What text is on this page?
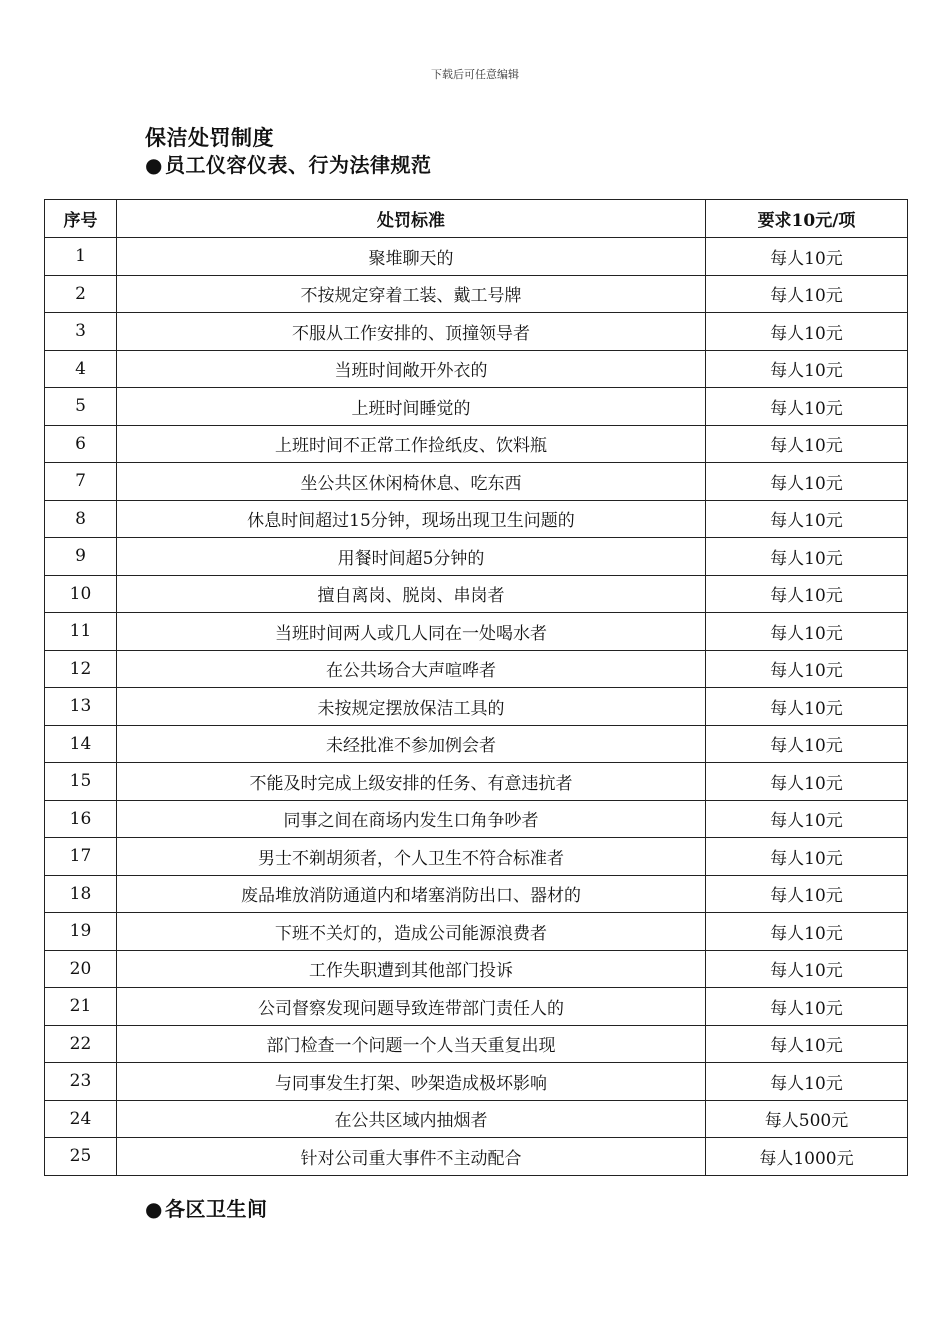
下载后可任意编辑
保洁处罚制度
● 员工仪容仪表、行为法律规范
序号	处罚标准	要求10元/项
1	聚堆聊天的	每人10元
2	不按规定穿着工装、戴工号牌	每人10元
3	不服从工作安排的、顶撞领导者	每人10元
4	当班时间敞开外衣的	每人10元
5	上班时间睡觉的	每人10元
6	上班时间不正常工作捡纸皮、饮料瓶	每人10元
7	坐公共区休闲椅休息、吃东西	每人10元
8	休息时间超过15分钟，现场出现卫生问题的	每人10元
9	用餐时间超5分钟的	每人10元
10	擅自离岗、脱岗、串岗者	每人10元
11	当班时间两人或几人同在一处喝水者	每人10元
12	在公共场合大声喧哗者	每人10元
13	未按规定摆放保洁工具的	每人10元
14	未经批准不参加例会者	每人10元
15	不能及时完成上级安排的任务、有意违抗者	每人10元
16	同事之间在商场内发生口角争吵者	每人10元
17	男士不剃胡须者，个人卫生不符合标准者	每人10元
18	废品堆放消防通道内和堵塞消防出口、器材的	每人10元
19	下班不关灯的，造成公司能源浪费者	每人10元
20	工作失职遭到其他部门投诉	每人10元
21	公司督察发现问题导致连带部门责任人的	每人10元
22	部门检查一个问题一个人当天重复出现	每人10元
23	与同事发生打架、吵架造成极坏影响	每人10元
24	在公共区域内抽烟者	每人500元
25	针对公司重大事件不主动配合	每人1000元
● 各区卫生间
